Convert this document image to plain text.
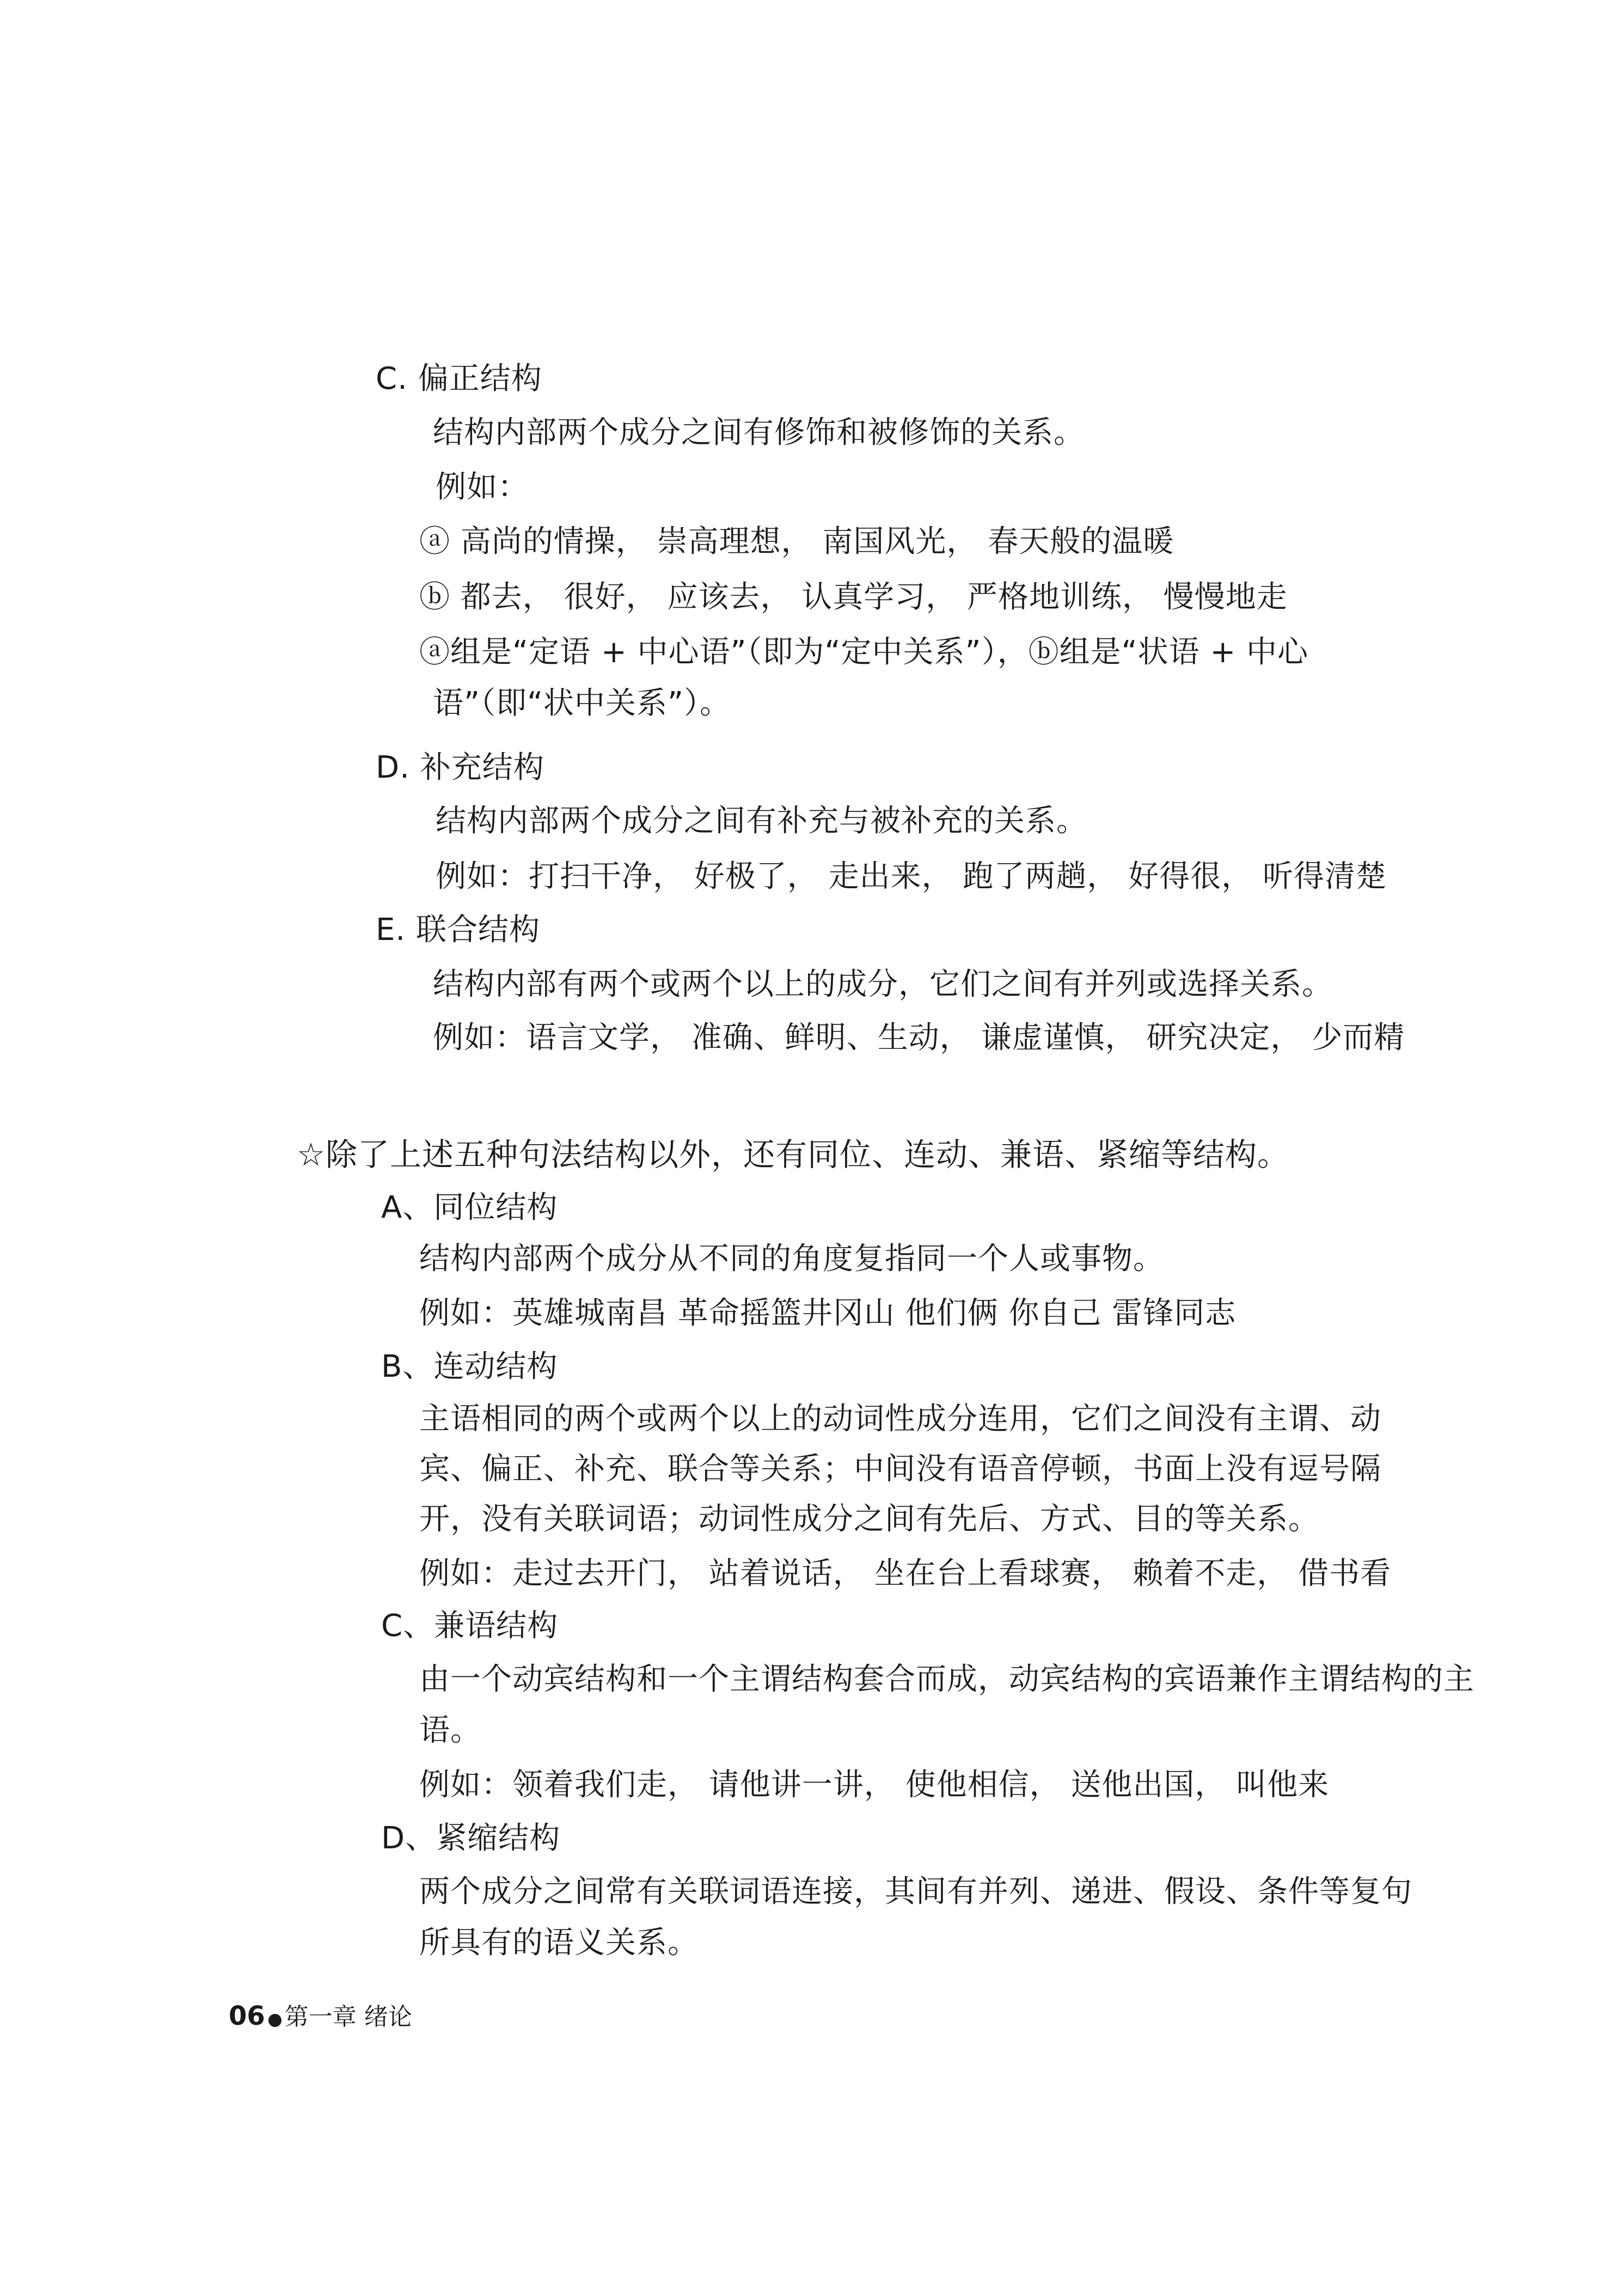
C. 偏正结构

结构内部两个成分之间有修饰和被修饰的关系。

例如：

ⓐ 高尚的情操， 崇高理想， 南国风光， 春天般的温暖

ⓑ 都去， 很好， 应该去， 认真学习， 严格地训练， 慢慢地走

ⓐ组是“定语 + 中心语”（即为“定中关系”），ⓑ组是“状语 + 中心

语”（即“状中关系”）。

D. 补充结构

结构内部两个成分之间有补充与被补充的关系。

例如：打扫干净， 好极了， 走出来， 跑了两趟， 好得很， 听得清楚

E. 联合结构

结构内部有两个或两个以上的成分，它们之间有并列或选择关系。

例如：语言文学， 准确、鲜明、生动， 谦虚谨慎， 研究决定， 少而精

☆除了上述五种句法结构以外，还有同位、连动、兼语、紧缩等结构。

A、同位结构

结构内部两个成分从不同的角度复指同一个人或事物。

例如：英雄城南昌 革命摇篮井冈山 他们俩 你自己 雷锋同志

B、连动结构

主语相同的两个或两个以上的动词性成分连用，它们之间没有主谓、动

宾、偏正、补充、联合等关系；中间没有语音停顿，书面上没有逗号隔

开，没有关联词语；动词性成分之间有先后、方式、目的等关系。

例如：走过去开门， 站着说话， 坐在台上看球赛， 赖着不走， 借书看

C、兼语结构

由一个动宾结构和一个主谓结构套合而成，动宾结构的宾语兼作主谓结构的主

语。

例如：领着我们走， 请他讲一讲， 使他相信， 送他出国， 叫他来

D、紧缩结构

两个成分之间常有关联词语连接，其间有并列、递进、假设、条件等复句

所具有的语义关系。

06 第一章 绪论
